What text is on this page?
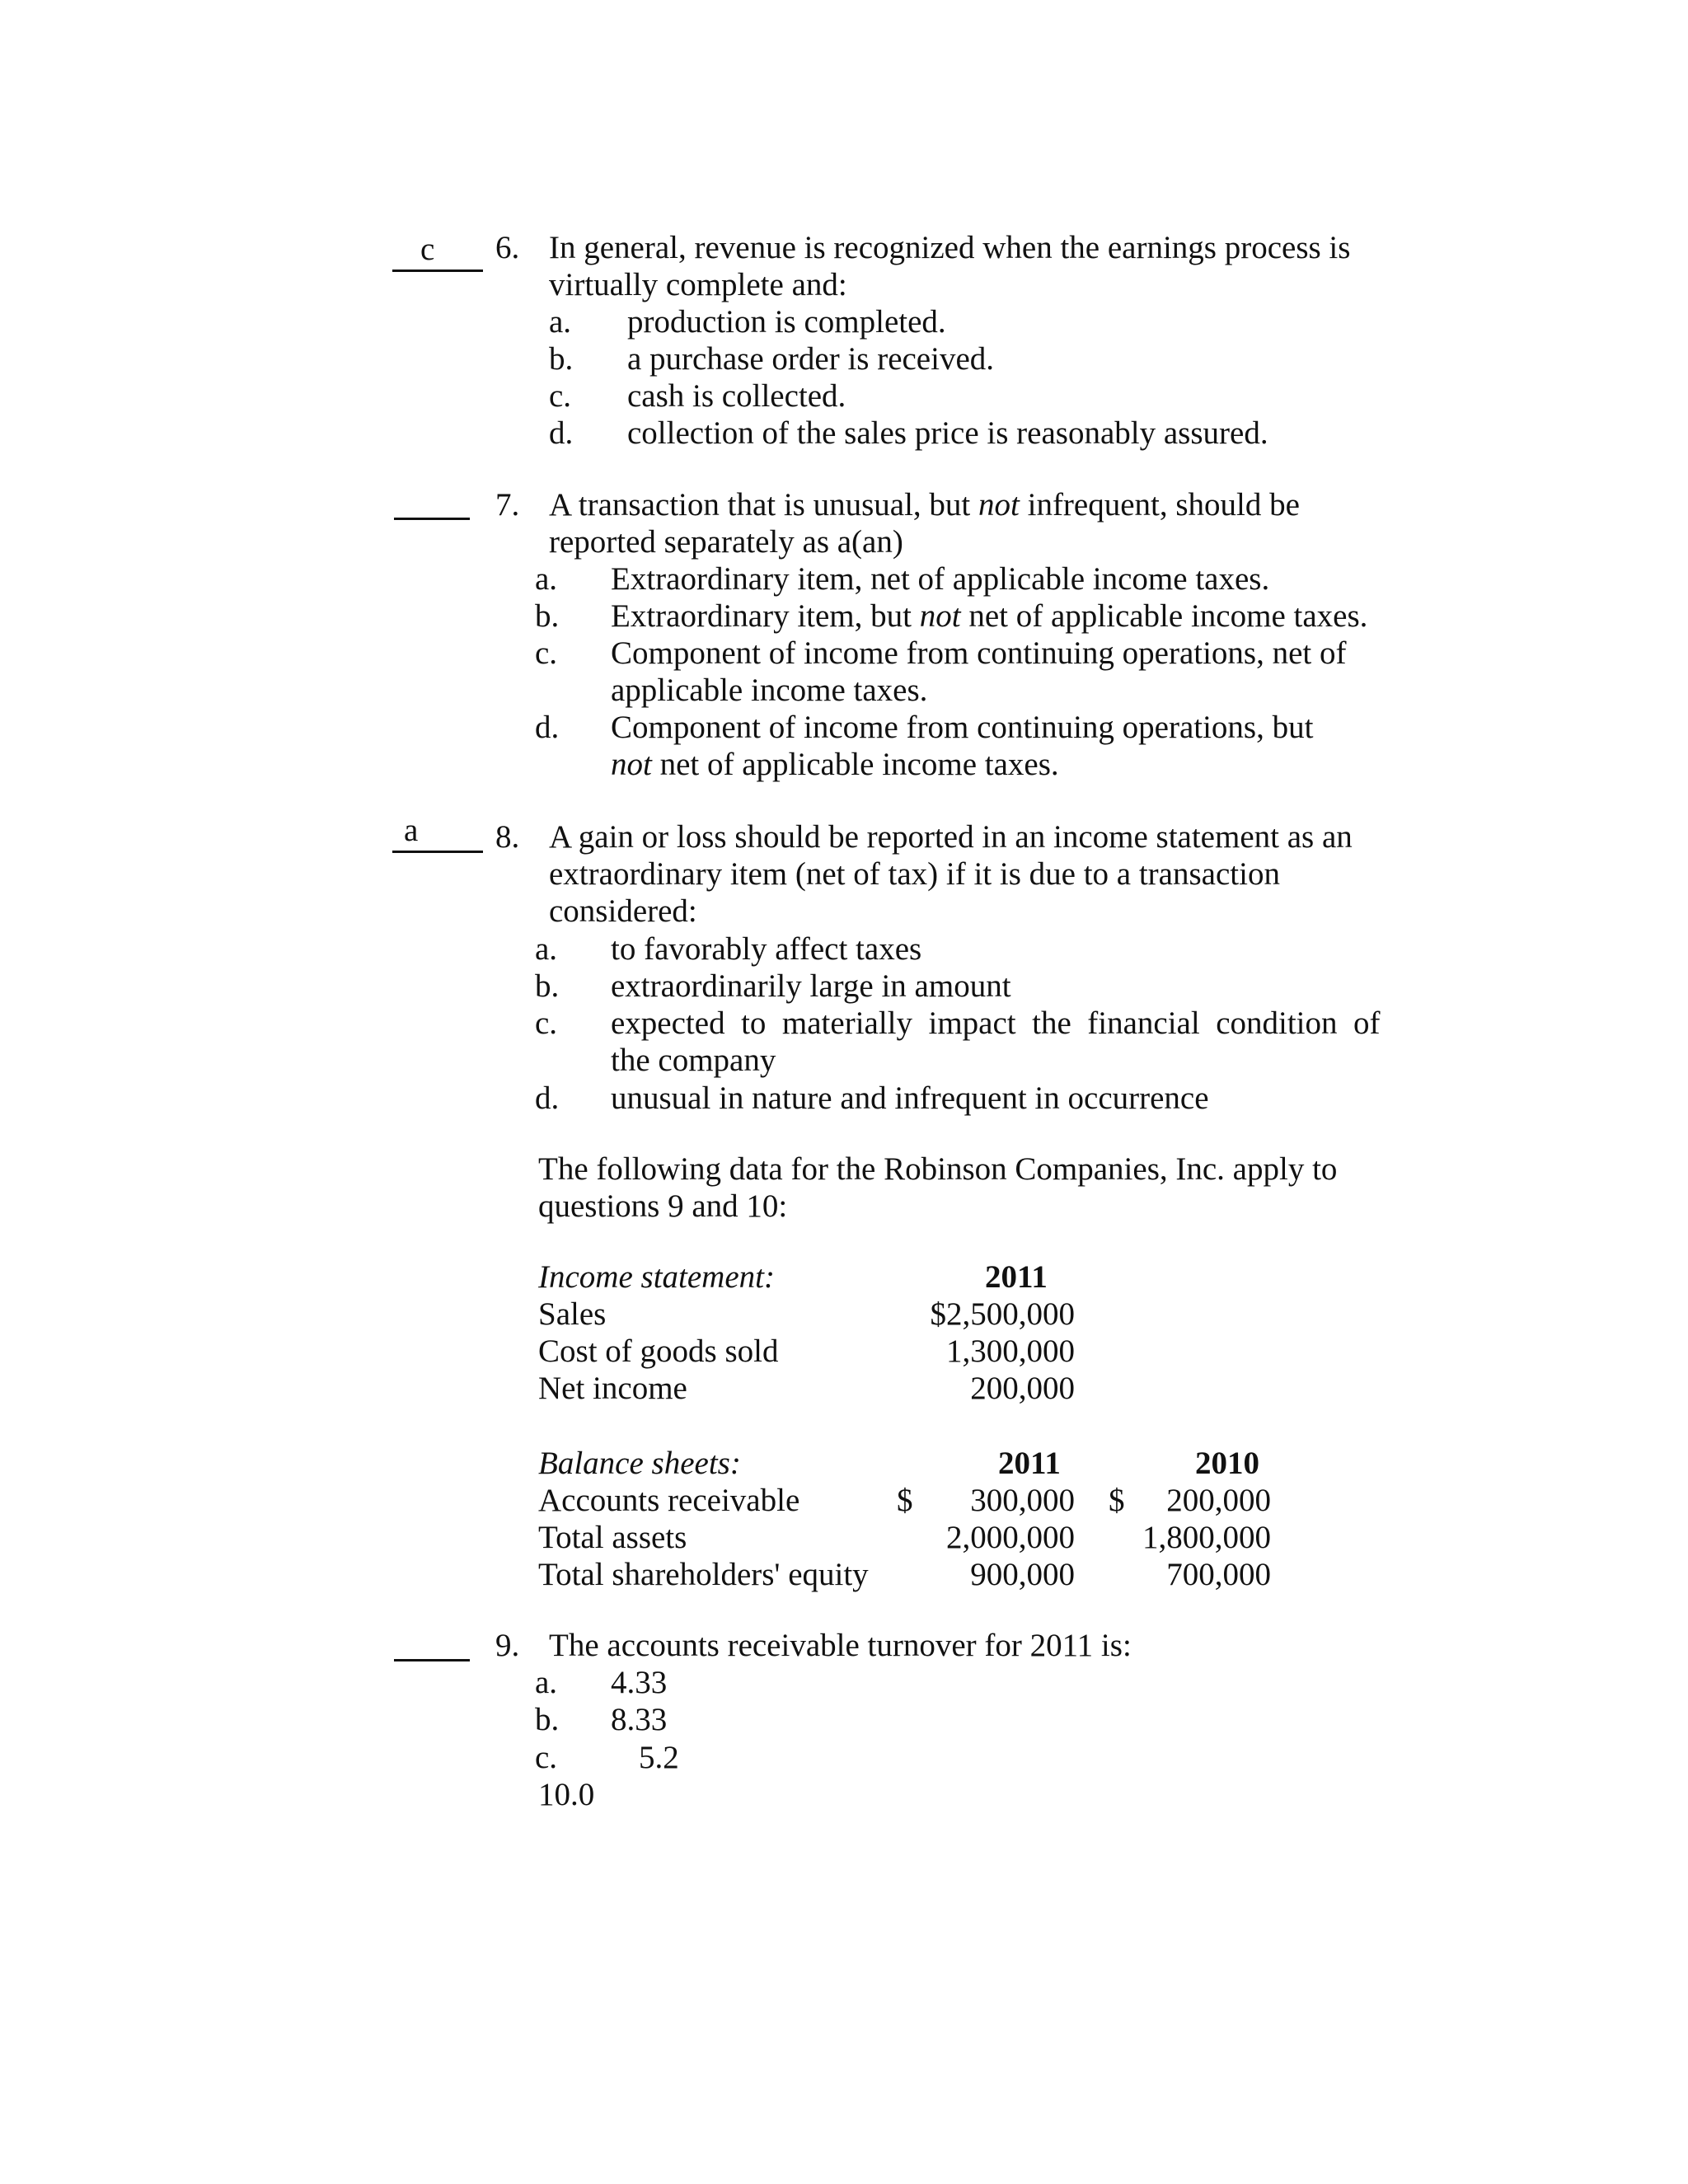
c 6. In general, revenue is recognized when the earnings process is
virtually complete and:
a. production is completed.
b. a purchase order is received.
c. cash is collected.
d. collection of the sales price is reasonably assured.
7. A transaction that is unusual, but not infrequent, should be
reported separately as a(an)
a. Extraordinary item, net of applicable income taxes.
b. Extraordinary item, but not net of applicable income taxes.
c. Component of income from continuing operations, net of
applicable income taxes.
d. Component of income from continuing operations, but
not net of applicable income taxes.
a 8. A gain or loss should be reported in an income statement as an
extraordinary item (net of tax) if it is due to a transaction
considered:
a. to favorably affect taxes
b. extraordinarily large in amount
c. expected  to  materially  impact  the  financial  condition  of
the company
d. unusual in nature and infrequent in occurrence
The following data for the Robinson Companies, Inc. apply to
questions 9 and 10:
Income statement:	2011
Sales	$2,500,000
Cost of goods sold	1,300,000
Net income	200,000
Balance sheets:	2011	2010
Accounts receivable	$	300,000 $	200,000
Total assets	2,000,000	1,800,000
Total shareholders' equity	900,000	700,000
9. The accounts receivable turnover for 2011 is:
a. 4.33
b. 8.33
c.	5.2
10.0
